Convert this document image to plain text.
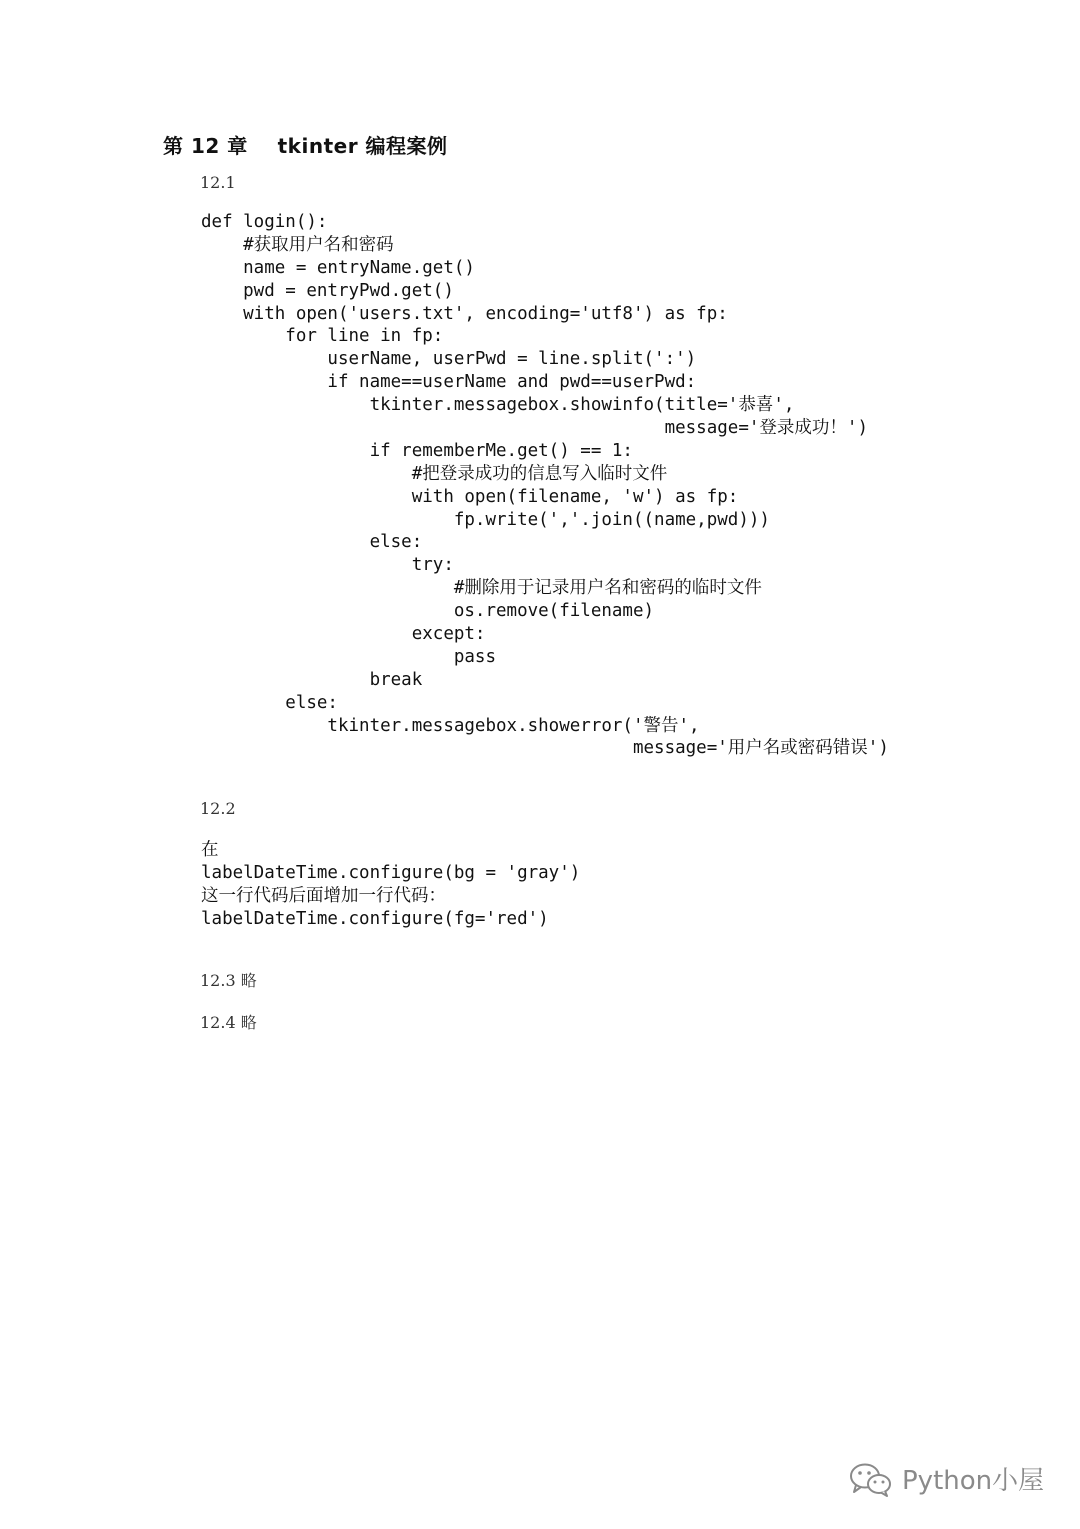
第 12 章    tkinter 编程案例
12.1
def login():
#获取用户名和密码
name = entryName.get()
pwd = entryPwd.get()
with open('users.txt', encoding='utf8') as fp:
for line in fp:
userName, userPwd = line.split(':')
if name==userName and pwd==userPwd:
tkinter.messagebox.showinfo(title='恭喜',
message='登录成功！')
if rememberMe.get() == 1:
#把登录成功的信息写入临时文件
with open(filename, 'w') as fp:
fp.write(','.join((name,pwd)))
else:
try:
#删除用于记录用户名和密码的临时文件
os.remove(filename)
except:
pass
break
else:
tkinter.messagebox.showerror('警告',
message='用户名或密码错误')
12.2
在
labelDateTime.configure(bg = 'gray')
这一行代码后面增加一行代码：
labelDateTime.configure(fg='red')
12.3 略
12.4 略
Python小屋
